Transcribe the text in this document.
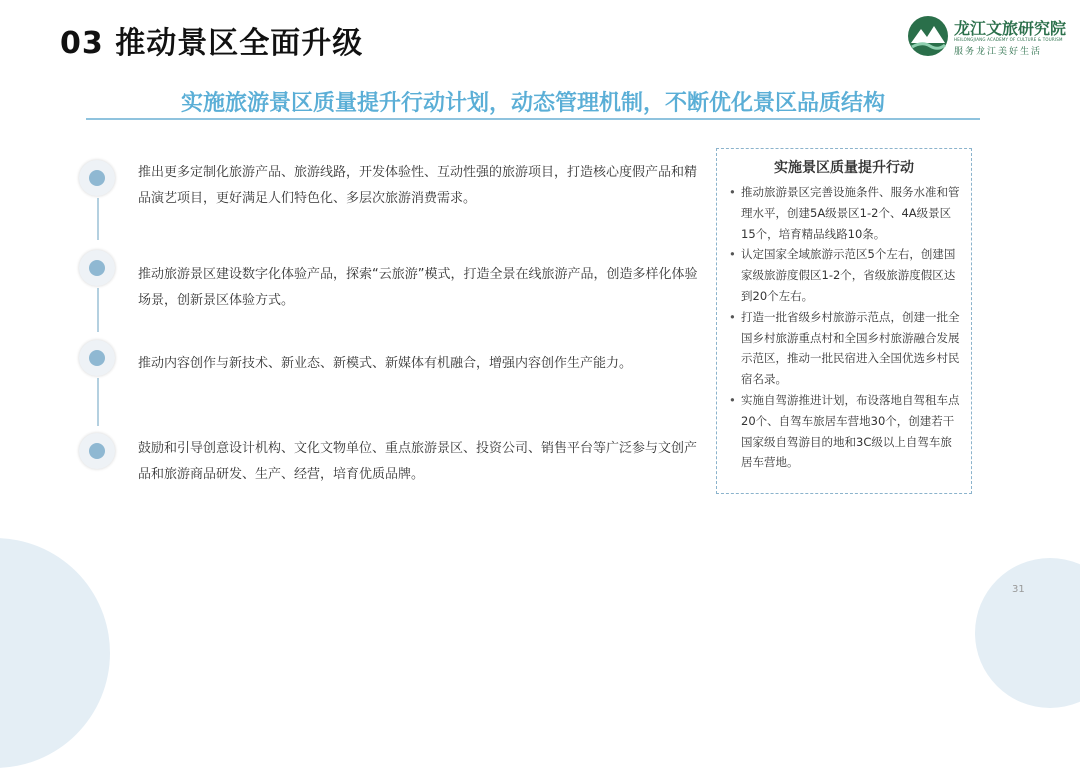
03 推动景区全面升级	龙江文旅研究院
HEILONGJIANG ACADEMY OF CULTURE & TOURISM
服务龙江美好生活
实施旅游景区质量提升行动计划，动态管理机制，不断优化景区品质结构
推出更多定制化旅游产品、旅游线路，开发体验性、互动性强的旅游项目，打造核心度假产品和精品演艺项目，更好满足人们特色化、多层次旅游消费需求。
推动旅游景区建设数字化体验产品，探索“云旅游”模式，打造全景在线旅游产品，创造多样化体验场景，创新景区体验方式。
推动内容创作与新技术、新业态、新模式、新媒体有机融合，增强内容创作生产能力。
鼓励和引导创意设计机构、文化文物单位、重点旅游景区、投资公司、销售平台等广泛参与文创产品和旅游商品研发、生产、经营，培育优质品牌。
实施景区质量提升行动
• 推动旅游景区完善设施条件、服务水准和管理水平，创建5A级景区1-2个、4A级景区15个，培育精品线路10条。
• 认定国家全域旅游示范区5个左右，创建国家级旅游度假区1-2个，省级旅游度假区达到20个左右。
• 打造一批省级乡村旅游示范点，创建一批全国乡村旅游重点村和全国乡村旅游融合发展示范区，推动一批民宿进入全国优选乡村民宿名录。
• 实施自驾游推进计划，布设落地自驾租车点20个、自驾车旅居车营地30个，创建若干国家级自驾游目的地和3C级以上自驾车旅居车营地。
31
